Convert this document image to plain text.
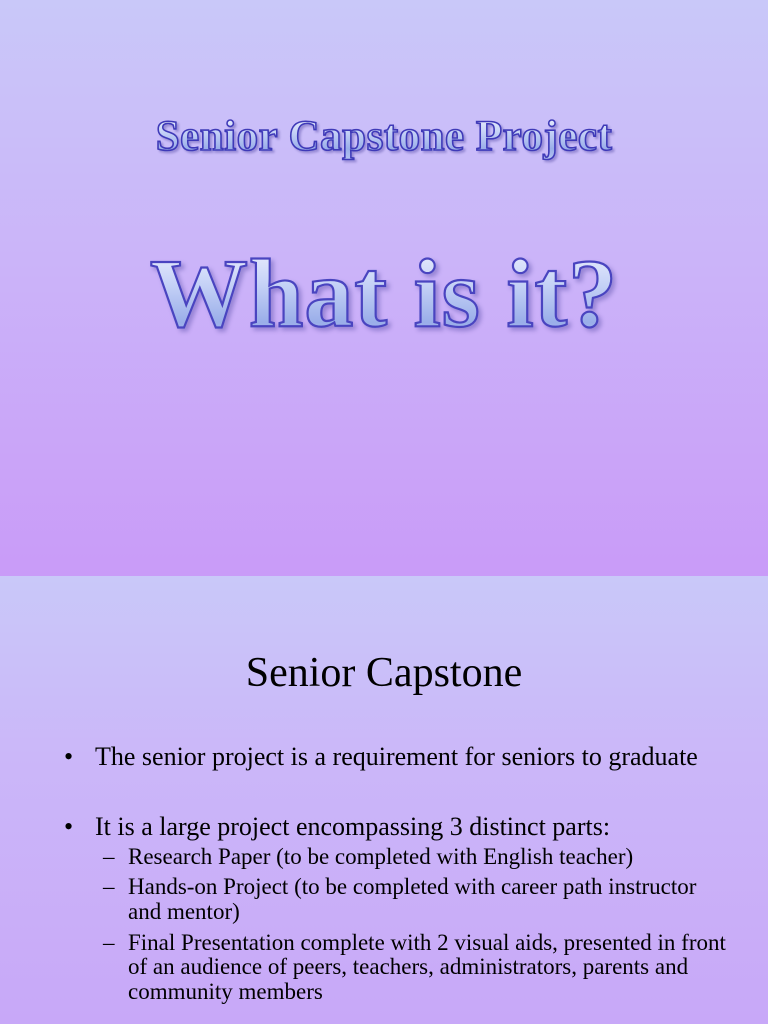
Senior Capstone Project
What is it?
Senior Capstone
• The senior project is a requirement for seniors to graduate
• It is a large project encompassing 3 distinct parts:
– Research Paper (to be completed with English teacher)
– Hands-on Project (to be completed with career path instructor and mentor)
– Final Presentation complete with 2 visual aids, presented in front of an audience of peers, teachers, administrators, parents and community members
